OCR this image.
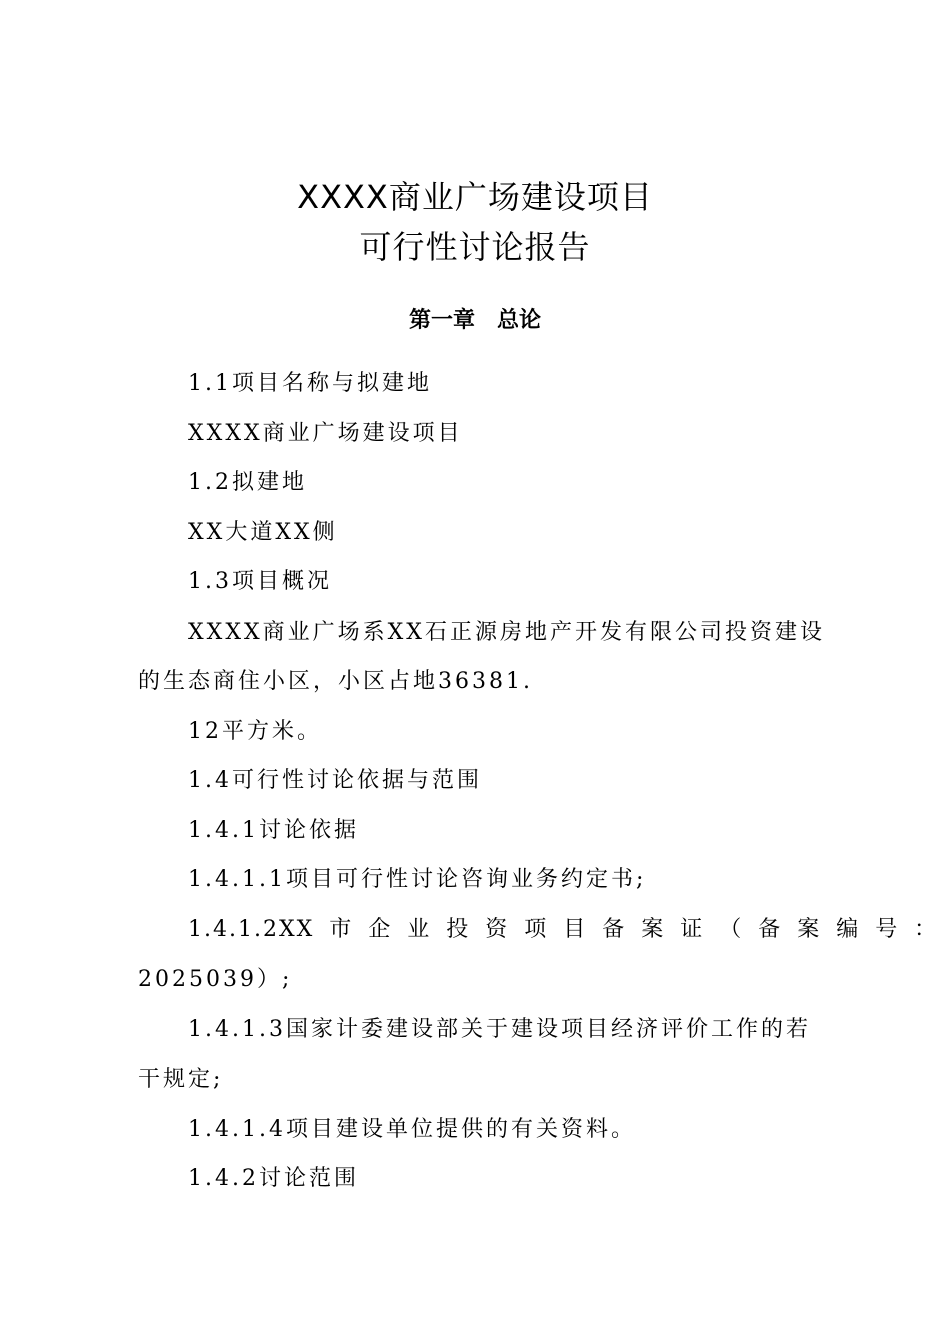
XXXX商业广场建设项目
可行性讨论报告
第一章　总论
1.1项目名称与拟建地
XXXX商业广场建设项目
1.2拟建地
XX大道XX侧
1.3项目概况
XXXX商业广场系XX石正源房地产开发有限公司投资建设
的生态商住小区，小区占地36381.
12平方米。
1.4可行性讨论依据与范围
1.4.1讨论依据
1.4.1.1项目可行性讨论咨询业务约定书;
1.4.1.2XX 市 企 业 投 资 项 目 备 案 证 （ 备 案 编 号 ：
2025039）;
1.4.1.3国家计委建设部关于建设项目经济评价工作的若
干规定;
1.4.1.4项目建设单位提供的有关资料。
1.4.2讨论范围
